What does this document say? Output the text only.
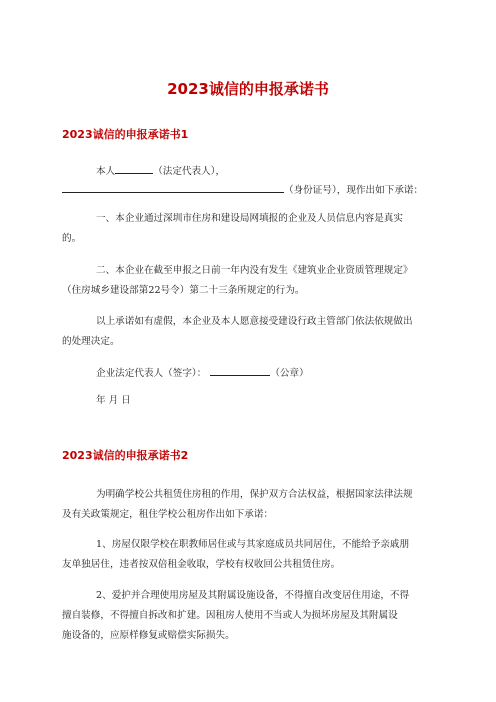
2023诚信的申报承诺书
2023诚信的申报承诺书1
本人	（法定代表人），
（身份证号），现作出如下承诺：
一、本企业通过深圳市住房和建设局网填报的企业及人员信息内容是真实
的。
二、本企业在截至申报之日前一年内没有发生《建筑业企业资质管理规定》
（住房城乡建设部第22号令）第二十三条所规定的行为。
以上承诺如有虚假，本企业及本人愿意接受建设行政主管部门依法依规做出
的处理决定。
企业法定代表人（签字）：	（公章）
年 月 日
2023诚信的申报承诺书2
为明确学校公共租赁住房租的作用，保护双方合法权益，根据国家法律法规
及有关政策规定，租住学校公租房作出如下承诺：
1、房屋仅限学校在职教师居住或与其家庭成员共同居住，不能给予亲戚朋
友单独居住，违者按双倍租金收取，学校有权收回公共租赁住房。
2、爱护并合理使用房屋及其附属设施设备，不得擅自改变居住用途，不得
擅自装修，不得擅自拆改和扩建。因租房人使用不当或人为损坏房屋及其附属设
施设备的，应原样修复或赔偿实际损失。
